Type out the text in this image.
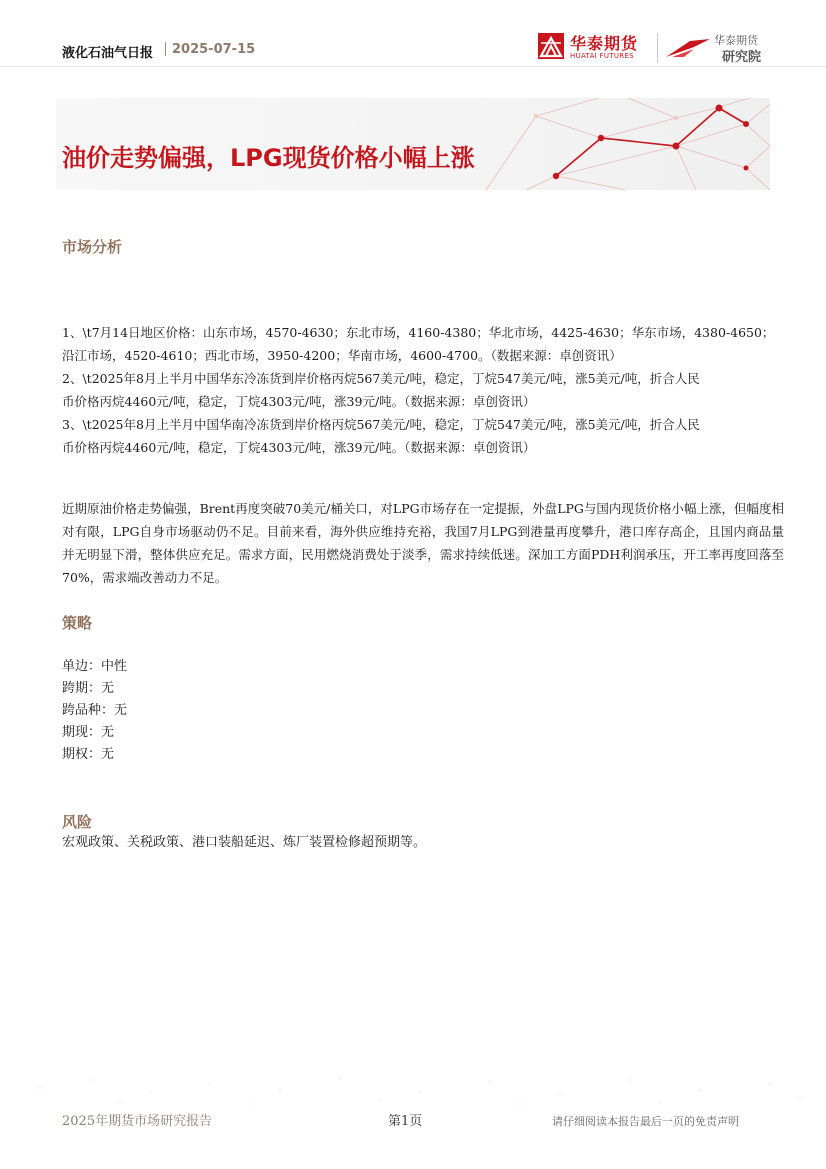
液化石油气日报 2025-07-15	华泰期货
HUATAI FUTURES
华泰期货
研究院
油价走势偏强，LPG现货价格小幅上涨
市场分析
1、\t7月14日地区价格：山东市场，4570-4630；东北市场，4160-4380；华北市场，4425-4630；华东市场，4380-4650；
沿江市场，4520-4610；西北市场，3950-4200；华南市场，4600-4700。（数据来源：卓创资讯）
2、\t2025年8月上半月中国华东冷冻货到岸价格丙烷567美元/吨，稳定，丁烷547美元/吨，涨5美元/吨，折合人民
币价格丙烷4460元/吨，稳定，丁烷4303元/吨，涨39元/吨。（数据来源：卓创资讯）
3、\t2025年8月上半月中国华南冷冻货到岸价格丙烷567美元/吨，稳定，丁烷547美元/吨，涨5美元/吨，折合人民
币价格丙烷4460元/吨，稳定，丁烷4303元/吨，涨39元/吨。（数据来源：卓创资讯）
近期原油价格走势偏强，Brent再度突破70美元/桶关口，对LPG市场存在一定提振，外盘LPG与国内现货价格小幅上涨，但幅度相对有限，LPG自身市场驱动仍不足。目前来看，海外供应维持充裕，我国7月LPG到港量再度攀升，港口库存高企，且国内商品量并无明显下滑，整体供应充足。需求方面，民用燃烧消费处于淡季，需求持续低迷。深加工方面PDH利润承压，开工率再度回落至70%，需求端改善动力不足。
策略
单边：中性
跨期：无
跨品种：无
期现：无
期权：无
风险
宏观政策、关税政策、港口装船延迟、炼厂装置检修超预期等。
2025年期货市场研究报告	第1页	请仔细阅读本报告最后一页的免责声明
